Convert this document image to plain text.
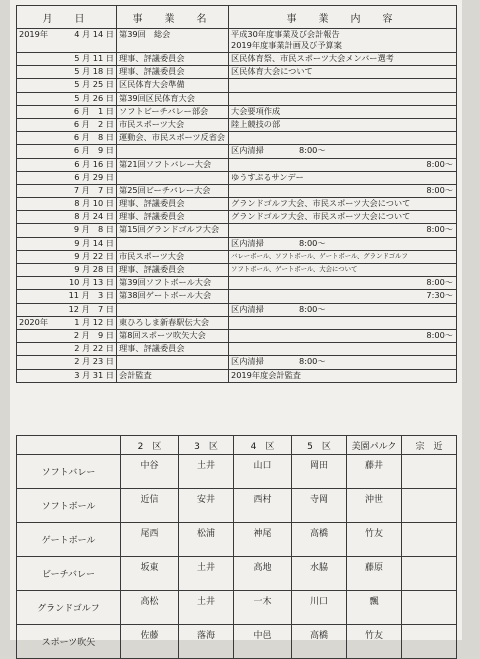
月　日	事　業　名	事　業　内　容
2019年 4 月 14 日	第39回　総会	平成30年度事業及び会計報告
2019年度事業計画及び予算案

5 月 11 日	理事、評議委員会	区民体育祭、市民スポーツ大会メンバー選考

5 月 18 日	理事、評議委員会	区民体育大会について

5 月 25 日	区民体育大会準備	

5 月 26 日	第39回区民体育大会	

6 月　1 日	ソフトビーチバレー部会	大会要項作成

6 月　2 日	市民スポーツ大会	陸上競技の部

6 月　8 日	運動会、市民スポーツ反省会	

6 月　9 日		区内清掃 8:00～

6 月 16 日	第21回ソフトバレー大会	8:00～

6 月 29 日		ゆうすぷるサンデー

7 月　7 日	第25回ビーチバレー大会	8:00～

8 月 10 日	理事、評議委員会	グランドゴルフ大会、市民スポーツ大会について

8 月 24 日	理事、評議委員会	グランドゴルフ大会、市民スポーツ大会について

9 月　8 日	第15回グランドゴルフ大会	8:00～

9 月 14 日		区内清掃 8:00～

9 月 22 日	市民スポーツ大会	バレーボール、ソフトボール、ゲートボール、グランドゴルフ

9 月 28 日	理事、評議委員会	ソフトボール、ゲートボール、大会について

10 月 13 日	第39回ソフトボール大会	8:00～

11 月　3 日	第38回ゲートボール大会	7:30～

12 月　7 日		区内清掃 8:00～

2020年 1 月 12 日	東ひろしま新春駅伝大会	

2 月　9 日	第8回スポーツ吹矢大会	8:00～

2 月 22 日	理事、評議委員会	

2 月 23 日		区内清掃 8:00～

3 月 31 日	会計監査	2019年度会計監査
	2　区	3　区	4　区	5　区	美園パルク	宗　近
ソフトバレー	中谷	土井	山口	岡田	藤井	
ソフトボール	近信	安井	西村	寺岡	沖世	
ゲートボール	尾西	松浦	神尾	高橋	竹友	
ビーチバレー	坂東	土井	高地	水脇	藤原	
グランドゴルフ	高松	土井	一木	川口	飄	
スポーツ吹矢	佐藤	落海	中邑	高橋	竹友	
